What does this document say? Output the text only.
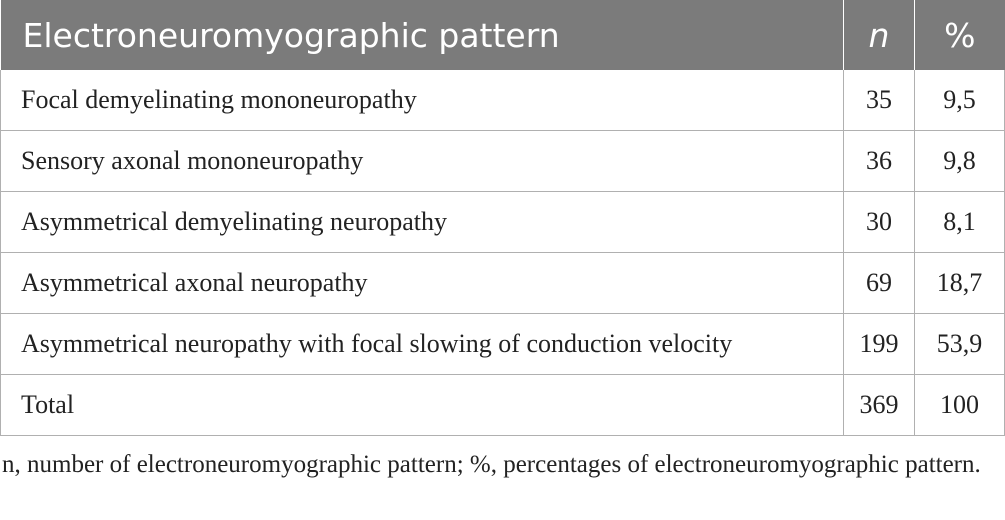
Electroneuromyographic pattern	n	%
Focal demyelinating mononeuropathy	35	9,5
Sensory axonal mononeuropathy	36	9,8
Asymmetrical demyelinating neuropathy	30	8,1
Asymmetrical axonal neuropathy	69	18,7
Asymmetrical neuropathy with focal slowing of conduction velocity	199	53,9
Total	369	100
n, number of electroneuromyographic pattern; %, percentages of electroneuromyographic pattern.
